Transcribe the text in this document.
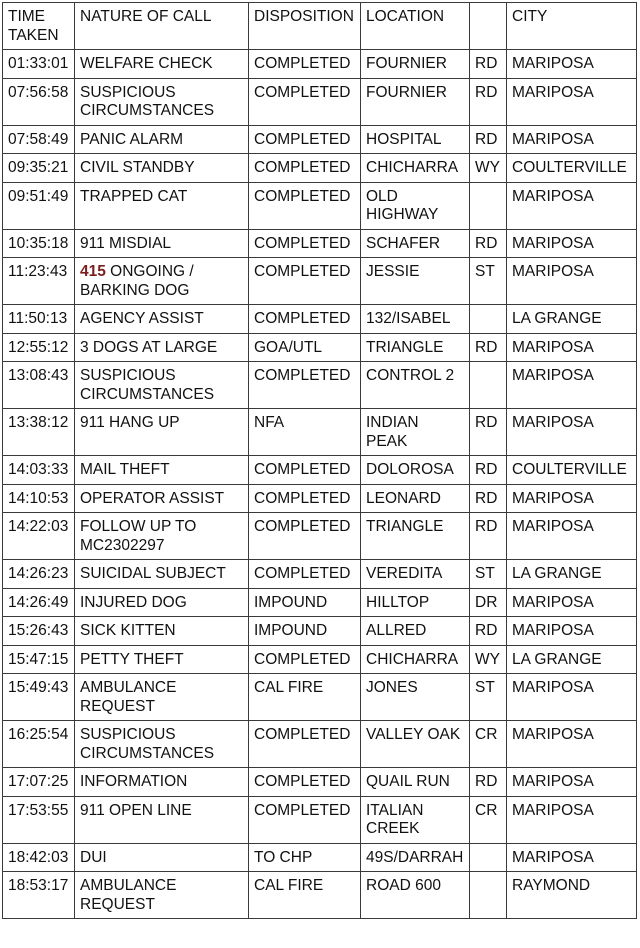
TIME TAKEN	NATURE OF CALL	DISPOSITION	LOCATION		CITY
01:33:01	WELFARE CHECK	COMPLETED	FOURNIER	RD	MARIPOSA
07:56:58	SUSPICIOUS CIRCUMSTANCES	COMPLETED	FOURNIER	RD	MARIPOSA
07:58:49	PANIC ALARM	COMPLETED	HOSPITAL	RD	MARIPOSA
09:35:21	CIVIL STANDBY	COMPLETED	CHICHARRA	WY	COULTERVILLE
09:51:49	TRAPPED CAT	COMPLETED	OLD HIGHWAY		MARIPOSA
10:35:18	911 MISDIAL	COMPLETED	SCHAFER	RD	MARIPOSA
11:23:43	415 ONGOING / BARKING DOG	COMPLETED	JESSIE	ST	MARIPOSA
11:50:13	AGENCY ASSIST	COMPLETED	132/ISABEL		LA GRANGE
12:55:12	3 DOGS AT LARGE	GOA/UTL	TRIANGLE	RD	MARIPOSA
13:08:43	SUSPICIOUS CIRCUMSTANCES	COMPLETED	CONTROL 2		MARIPOSA
13:38:12	911 HANG UP	NFA	INDIAN PEAK	RD	MARIPOSA
14:03:33	MAIL THEFT	COMPLETED	DOLOROSA	RD	COULTERVILLE
14:10:53	OPERATOR ASSIST	COMPLETED	LEONARD	RD	MARIPOSA
14:22:03	FOLLOW UP TO MC2302297	COMPLETED	TRIANGLE	RD	MARIPOSA
14:26:23	SUICIDAL SUBJECT	COMPLETED	VEREDITA	ST	LA GRANGE
14:26:49	INJURED DOG	IMPOUND	HILLTOP	DR	MARIPOSA
15:26:43	SICK KITTEN	IMPOUND	ALLRED	RD	MARIPOSA
15:47:15	PETTY THEFT	COMPLETED	CHICHARRA	WY	LA GRANGE
15:49:43	AMBULANCE REQUEST	CAL FIRE	JONES	ST	MARIPOSA
16:25:54	SUSPICIOUS CIRCUMSTANCES	COMPLETED	VALLEY OAK	CR	MARIPOSA
17:07:25	INFORMATION	COMPLETED	QUAIL RUN	RD	MARIPOSA
17:53:55	911 OPEN LINE	COMPLETED	ITALIAN CREEK	CR	MARIPOSA
18:42:03	DUI	TO CHP	49S/DARRAH		MARIPOSA
18:53:17	AMBULANCE REQUEST	CAL FIRE	ROAD 600		RAYMOND
